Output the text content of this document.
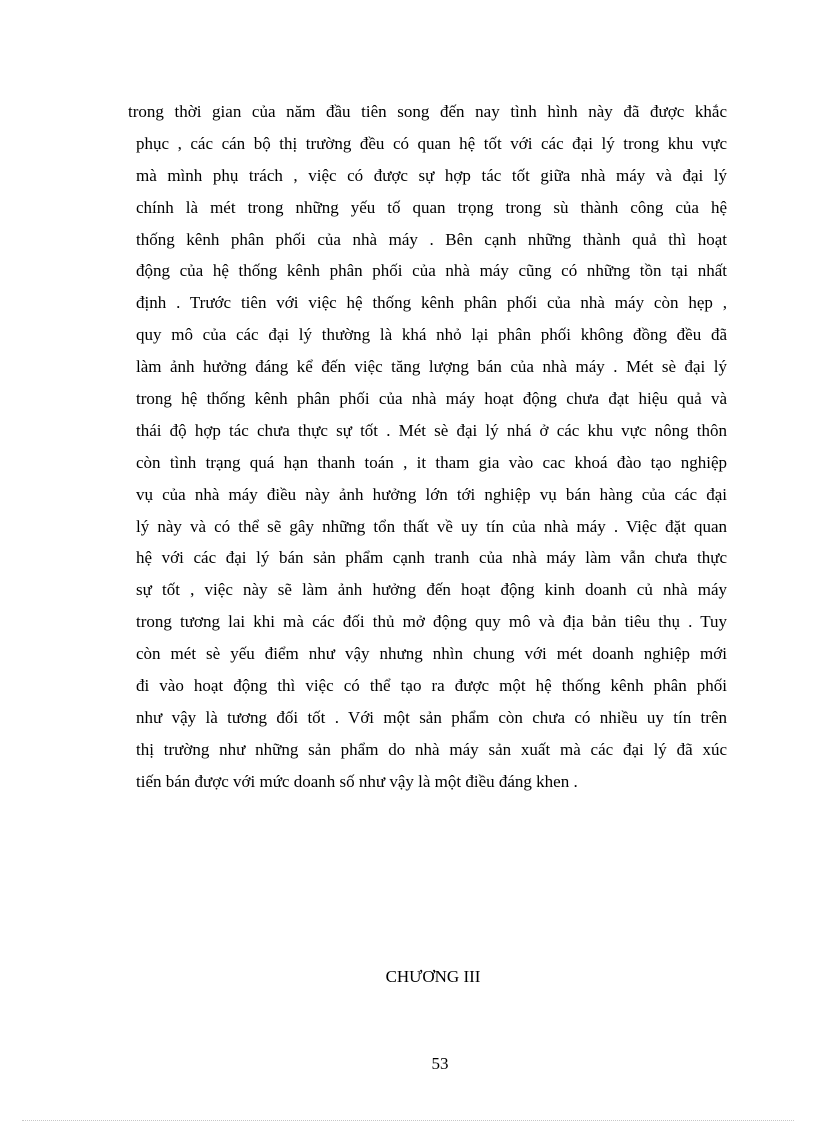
trong thời gian của năm đầu tiên song đến nay tình hình này đã được khắc
phục , các cán bộ thị trường đều có quan hệ tốt với các đại lý trong khu vực
mà mình phụ trách , việc có được sự hợp tác tốt giữa nhà máy và đại lý
chính là mét trong những yếu tố quan trọng trong sù thành công của hệ
thống kênh phân phối của nhà máy . Bên cạnh những thành quả thì hoạt
động của hệ thống kênh phân phối của nhà máy cũng có những tồn tại nhất
định . Trước tiên với việc hệ thống kênh phân phối của nhà máy còn hẹp ,
quy mô của các đại lý thường là khá nhỏ lại phân phối không đồng đều đã
làm ảnh hưởng đáng kể đến việc tăng lượng bán của nhà máy . Mét sè đại lý
trong hệ thống kênh phân phối của nhà máy hoạt động chưa đạt hiệu quả và
thái độ hợp tác chưa thực sự tốt . Mét sè đại lý nhá ở các khu vực nông thôn
còn tình trạng quá hạn thanh toán , it tham gia vào cac khoá đào tạo nghiệp
vụ của nhà máy điều này ảnh hưởng lớn tới nghiệp vụ bán hàng của các đại
lý này và có thể sẽ gây những tổn thất về uy tín của nhà máy . Việc đặt quan
hệ với các đại lý bán sản phẩm cạnh tranh của nhà máy làm vẫn chưa thực
sự tốt , việc này sẽ làm ảnh hưởng đến hoạt động kinh doanh củ nhà máy
trong tương lai khi mà các đối thủ mở động quy mô và địa bản tiêu thụ . Tuy
còn mét sè yếu điểm như vậy nhưng nhìn chung với mét doanh nghiệp mới
đi vào hoạt động thì việc có thể tạo ra được một hệ thống kênh phân phối
như vậy là tương đối tốt . Với một sản phẩm còn chưa có nhiều uy tín trên
thị trường như những sản phẩm do nhà máy sản xuất mà các đại lý đã xúc
tiến bán được với mức doanh số như vậy là một điều đáng khen .
CHƯƠNG III
53
